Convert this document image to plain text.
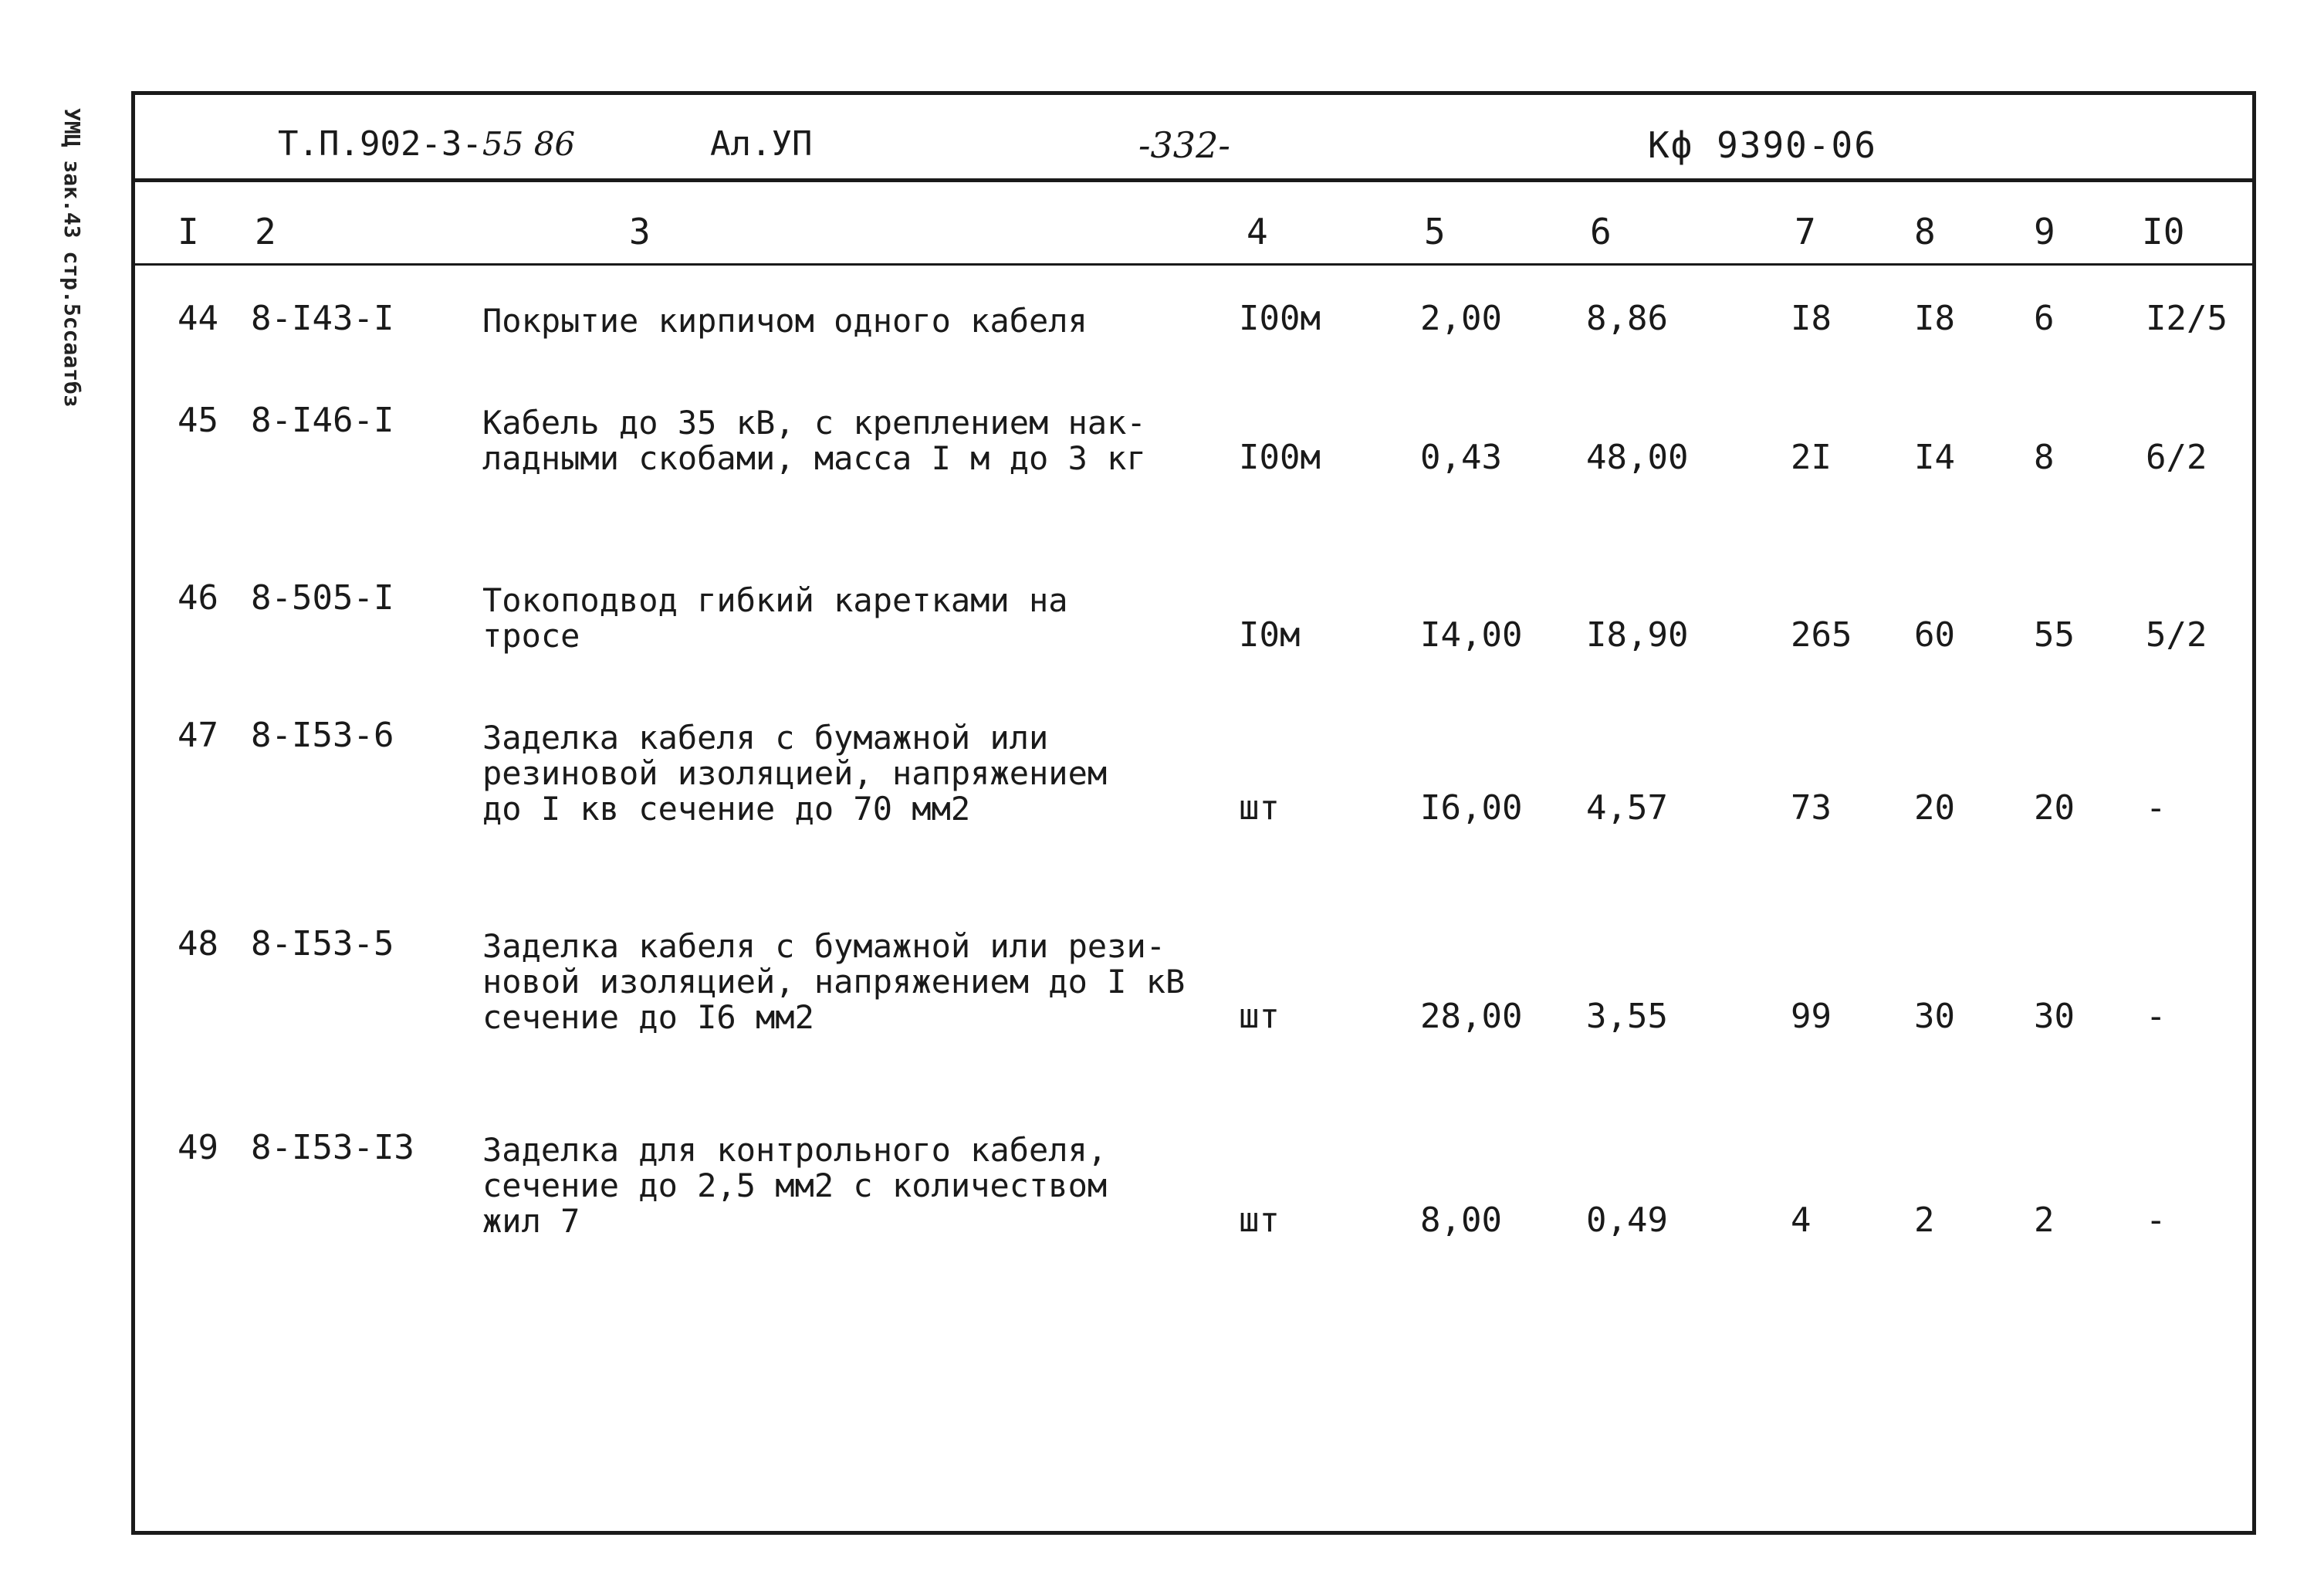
УМЦ зак.43 стр.5ссаатбз	Т.П.902-3-55 86	Ал.УП	-332-	Кф 9390-06
I 2	3	4	5	6	7	8	9 I0
44 8-I43-I	Покрытие кирпичом одного кабеля	I00м	2,00 8,86	I8 I8 6	I2/5
45 8-I46-I	Кабель до 35 кВ, с креплением нак-
ладными скобами, масса I м до 3 кг	I00м	0,43 48,00	2I I4 8	6/2
46 8-505-I	Токоподвод гибкий каретками на
тросе	I0м	I4,00 I8,90	265 60 55 5/2
47 8-I53-6	Заделка кабеля с бумажной или
резиновой изоляцией, напряжением
до I кв сечение до 70 мм2	шт	I6,00 4,57	73 20 20 -
48 8-I53-5	Заделка кабеля с бумажной или рези-
новой изоляцией, напряжением до I кВ
сечение до I6 мм2	шт	28,00 3,55	99 30 30 -
49 8-I53-I3 Заделка для контрольного кабеля,
сечение до 2,5 мм2 с количеством
жил 7	шт	8,00 0,49	4	2	2	-
